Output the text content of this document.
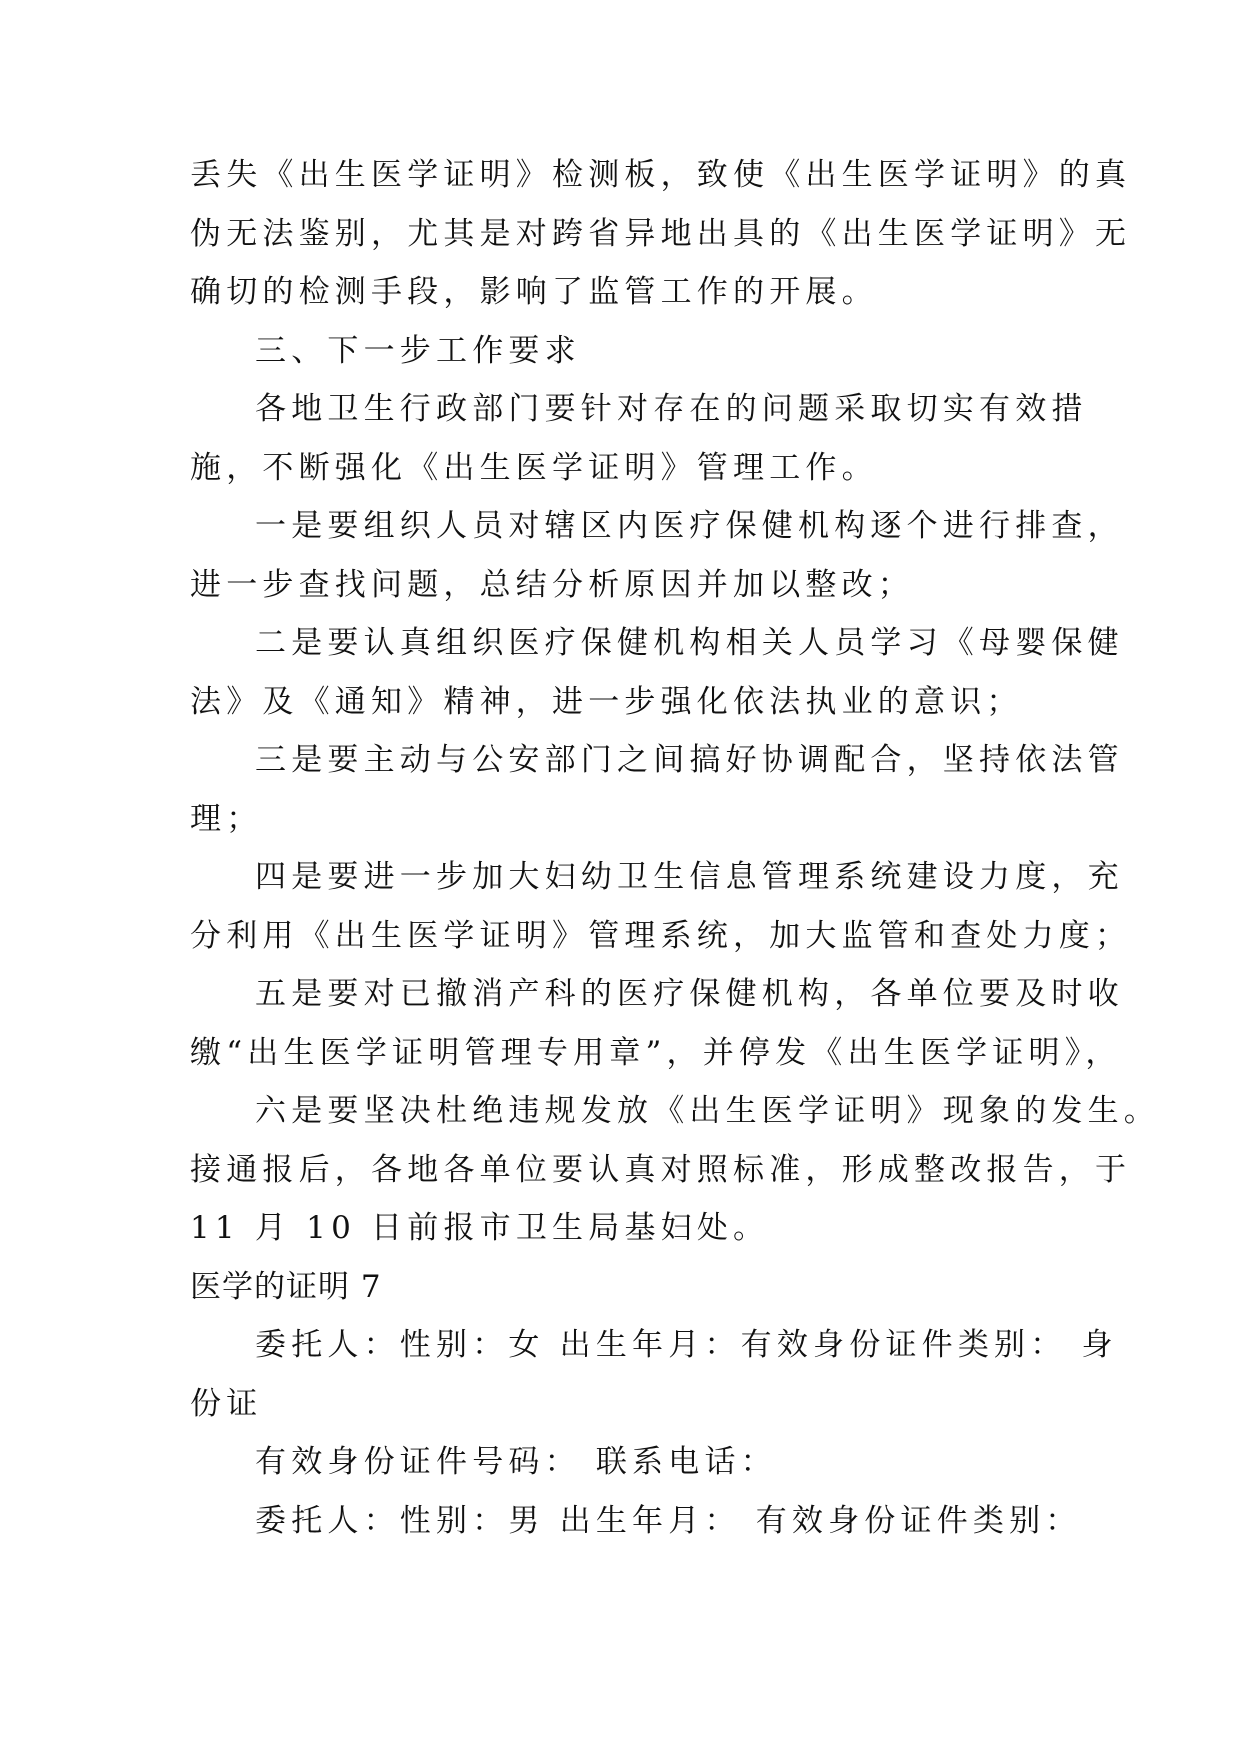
丢失《出生医学证明》检测板，致使《出生医学证明》的真
伪无法鉴别，尤其是对跨省异地出具的《出生医学证明》无
确切的检测手段，影响了监管工作的开展。
三、下一步工作要求
各地卫生行政部门要针对存在的问题采取切实有效措
施，不断强化《出生医学证明》管理工作。
一是要组织人员对辖区内医疗保健机构逐个进行排查，
进一步查找问题，总结分析原因并加以整改；
二是要认真组织医疗保健机构相关人员学习《母婴保健
法》及《通知》精神，进一步强化依法执业的意识；
三是要主动与公安部门之间搞好协调配合，坚持依法管
理；
四是要进一步加大妇幼卫生信息管理系统建设力度，充
分利用《出生医学证明》管理系统，加大监管和查处力度；
五是要对已撤消产科的医疗保健机构，各单位要及时收
缴“出生医学证明管理专用章”，并停发《出生医学证明》，
六是要坚决杜绝违规发放《出生医学证明》现象的发生。
接通报后，各地各单位要认真对照标准，形成整改报告，于
11 月 10 日前报市卫生局基妇处。
医学的证明 7
委托人：性别：女 出生年月：有效身份证件类别： 身
份证
有效身份证件号码： 联系电话：
委托人：性别：男 出生年月： 有效身份证件类别：
